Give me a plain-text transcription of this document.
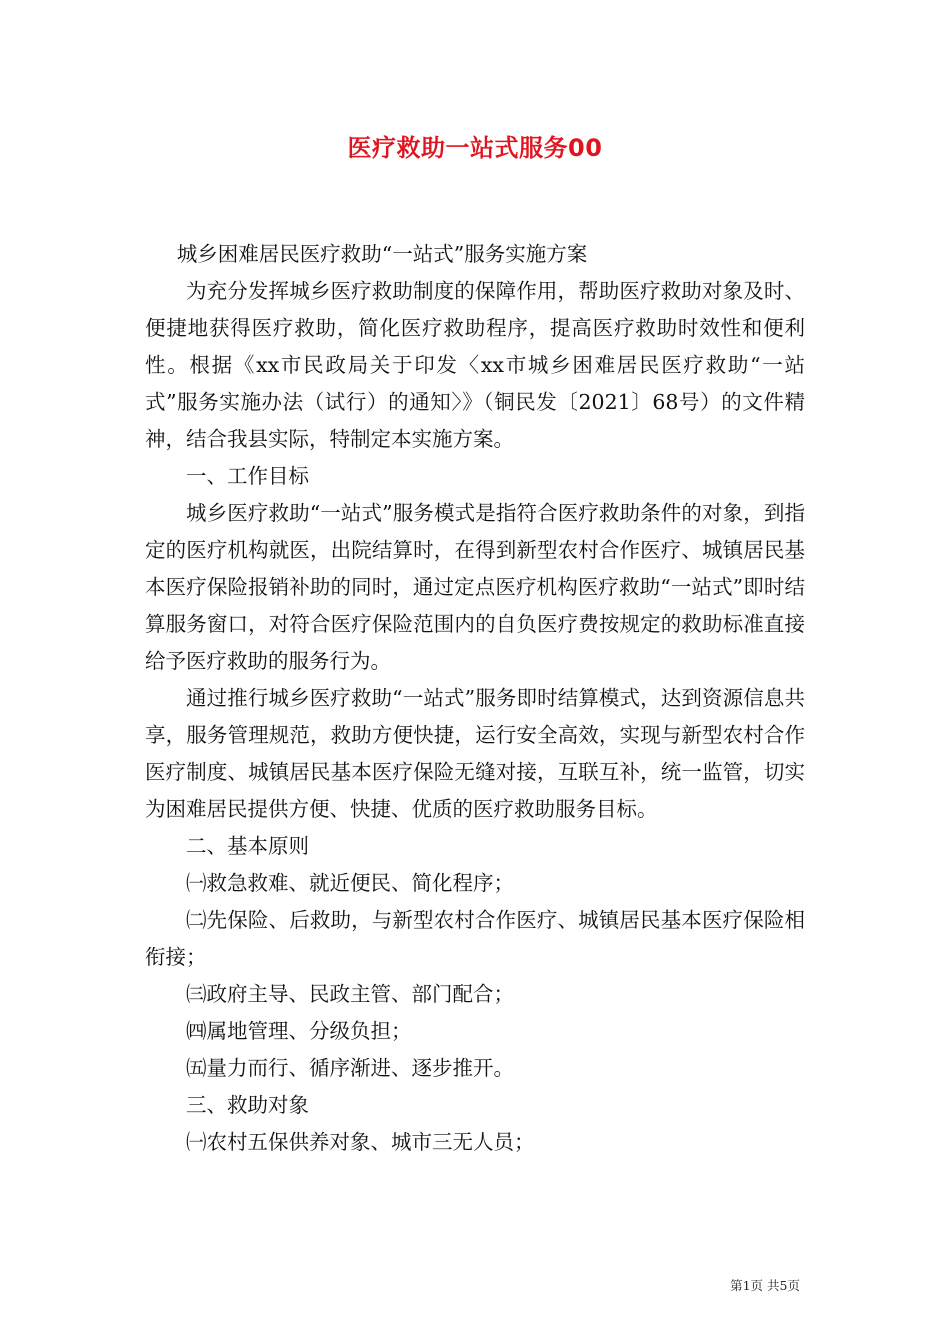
医疗救助一站式服务00

城乡困难居民医疗救助“一站式”服务实施方案

为充分发挥城乡医疗救助制度的保障作用，帮助医疗救助对象及时、便捷地获得医疗救助，简化医疗救助程序，提高医疗救助时效性和便利性。根据《xx市民政局关于印发〈xx市城乡困难居民医疗救助“一站式”服务实施办法（试行）的通知〉》（铜民发〔2021〕68号）的文件精神，结合我县实际，特制定本实施方案。

一、工作目标

城乡医疗救助“一站式”服务模式是指符合医疗救助条件的对象，到指定的医疗机构就医，出院结算时，在得到新型农村合作医疗、城镇居民基本医疗保险报销补助的同时，通过定点医疗机构医疗救助“一站式”即时结算服务窗口，对符合医疗保险范围内的自负医疗费按规定的救助标准直接给予医疗救助的服务行为。

通过推行城乡医疗救助“一站式”服务即时结算模式，达到资源信息共享，服务管理规范，救助方便快捷，运行安全高效，实现与新型农村合作医疗制度、城镇居民基本医疗保险无缝对接，互联互补，统一监管，切实为困难居民提供方便、快捷、优质的医疗救助服务目标。

二、基本原则

㈠救急救难、就近便民、简化程序；

㈡先保险、后救助，与新型农村合作医疗、城镇居民基本医疗保险相衔接；

㈢政府主导、民政主管、部门配合；

㈣属地管理、分级负担；

㈤量力而行、循序渐进、逐步推开。

三、救助对象

㈠农村五保供养对象、城市三无人员；

第1页 共5页
